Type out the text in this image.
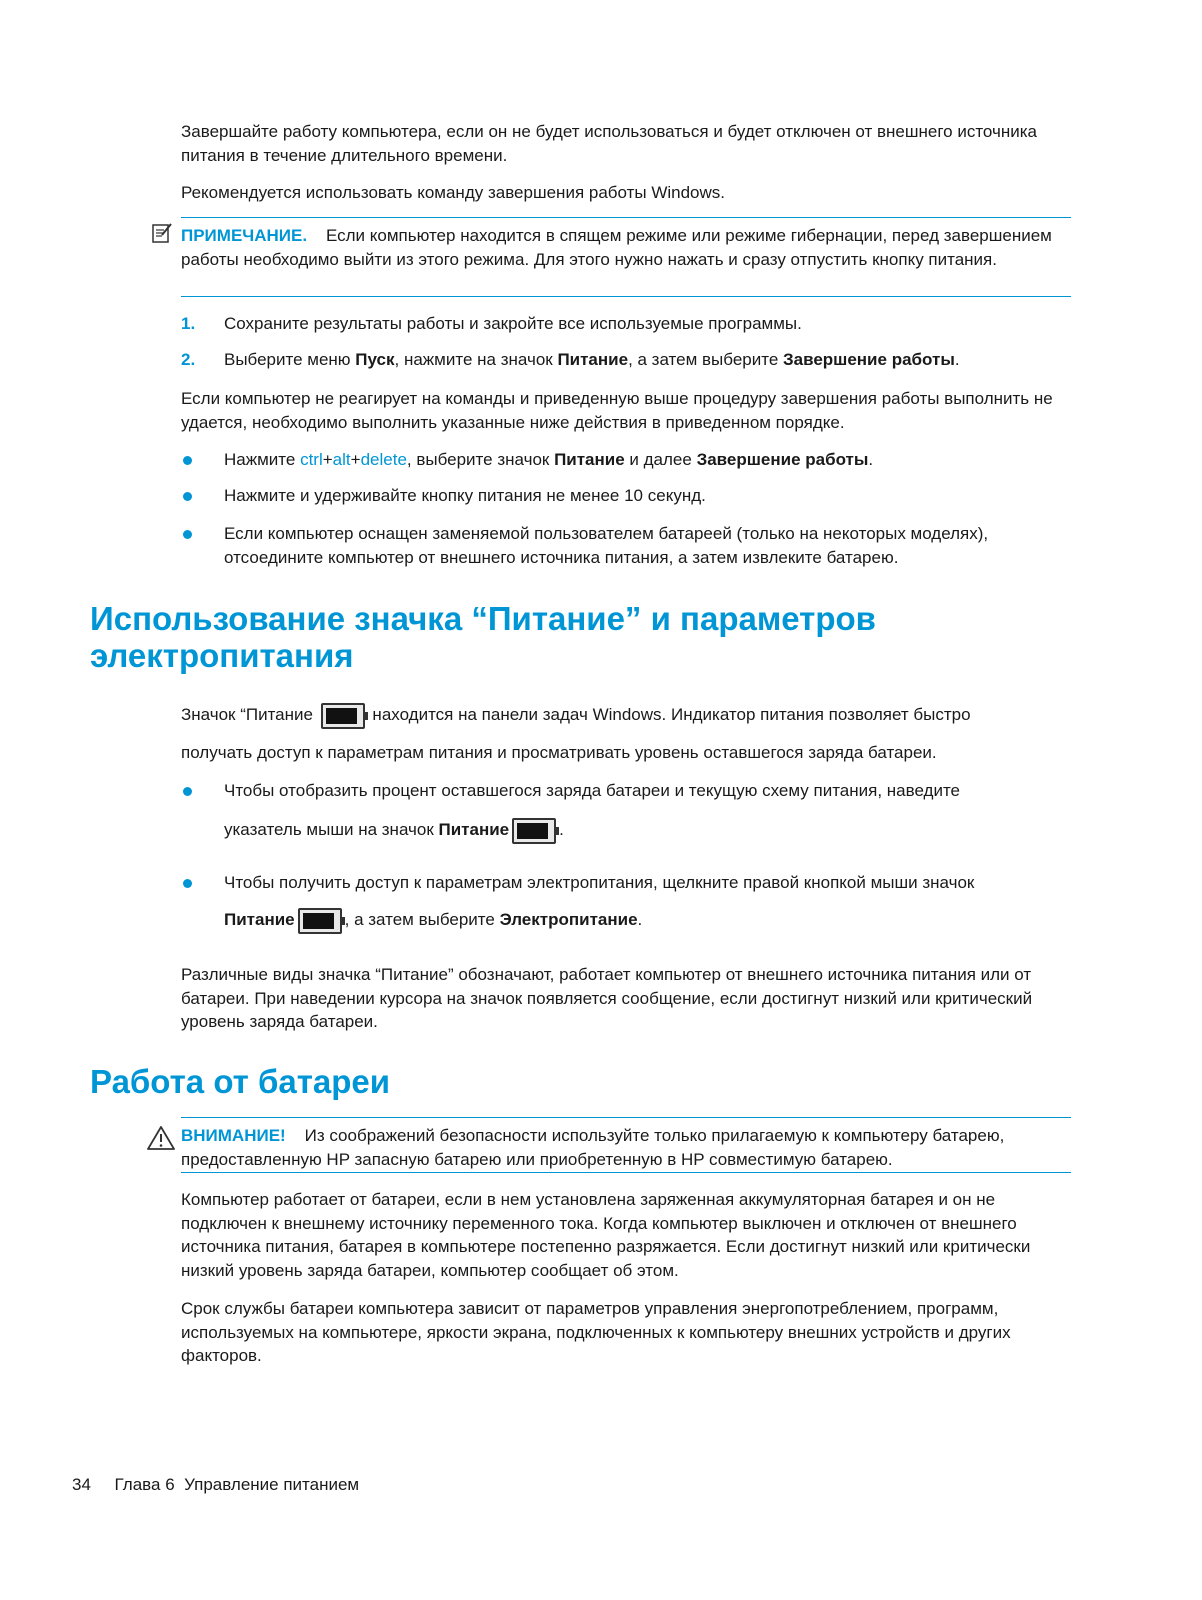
Завершайте работу компьютера, если он не будет использоваться и будет отключен от внешнего источника питания в течение длительного времени.

Рекомендуется использовать команду завершения работы Windows.

ПРИМЕЧАНИЕ. Если компьютер находится в спящем режиме или режиме гибернации, перед завершением работы необходимо выйти из этого режима. Для этого нужно нажать и сразу отпустить кнопку питания.

1. Сохраните результаты работы и закройте все используемые программы.

2. Выберите меню Пуск, нажмите на значок Питание, а затем выберите Завершение работы.

Если компьютер не реагирует на команды и приведенную выше процедуру завершения работы выполнить не удается, необходимо выполнить указанные ниже действия в приведенном порядке.

Нажмите ctrl+alt+delete, выберите значок Питание и далее Завершение работы.

Нажмите и удерживайте кнопку питания не менее 10 секунд.

Если компьютер оснащен заменяемой пользователем батареей (только на некоторых моделях), отсоедините компьютер от внешнего источника питания, а затем извлеките батарею.

Использование значка “Питание” и параметров электропитания

Значок “Питание	находится на панели задач Windows. Индикатор питания позволяет быстро

получать доступ к параметрам питания и просматривать уровень оставшегося заряда батареи.

Чтобы отобразить процент оставшегося заряда батареи и текущую схему питания, наведите

указатель мыши на значок Питание	.

Чтобы получить доступ к параметрам электропитания, щелкните правой кнопкой мыши значок

Питание	, а затем выберите Электропитание.

Различные виды значка “Питание” обозначают, работает компьютер от внешнего источника питания или от батареи. При наведении курсора на значок появляется сообщение, если достигнут низкий или критический уровень заряда батареи.

Работа от батареи

ВНИМАНИЕ! Из соображений безопасности используйте только прилагаемую к компьютеру батарею, предоставленную HP запасную батарею или приобретенную в HP совместимую батарею.

Компьютер работает от батареи, если в нем установлена заряженная аккумуляторная батарея и он не подключен к внешнему источнику переменного тока. Когда компьютер выключен и отключен от внешнего источника питания, батарея в компьютере постепенно разряжается. Если достигнут низкий или критически низкий уровень заряда батареи, компьютер сообщает об этом.

Срок службы батареи компьютера зависит от параметров управления энергопотреблением, программ, используемых на компьютере, яркости экрана, подключенных к компьютеру внешних устройств и других факторов.

34 Глава 6 Управление питанием
